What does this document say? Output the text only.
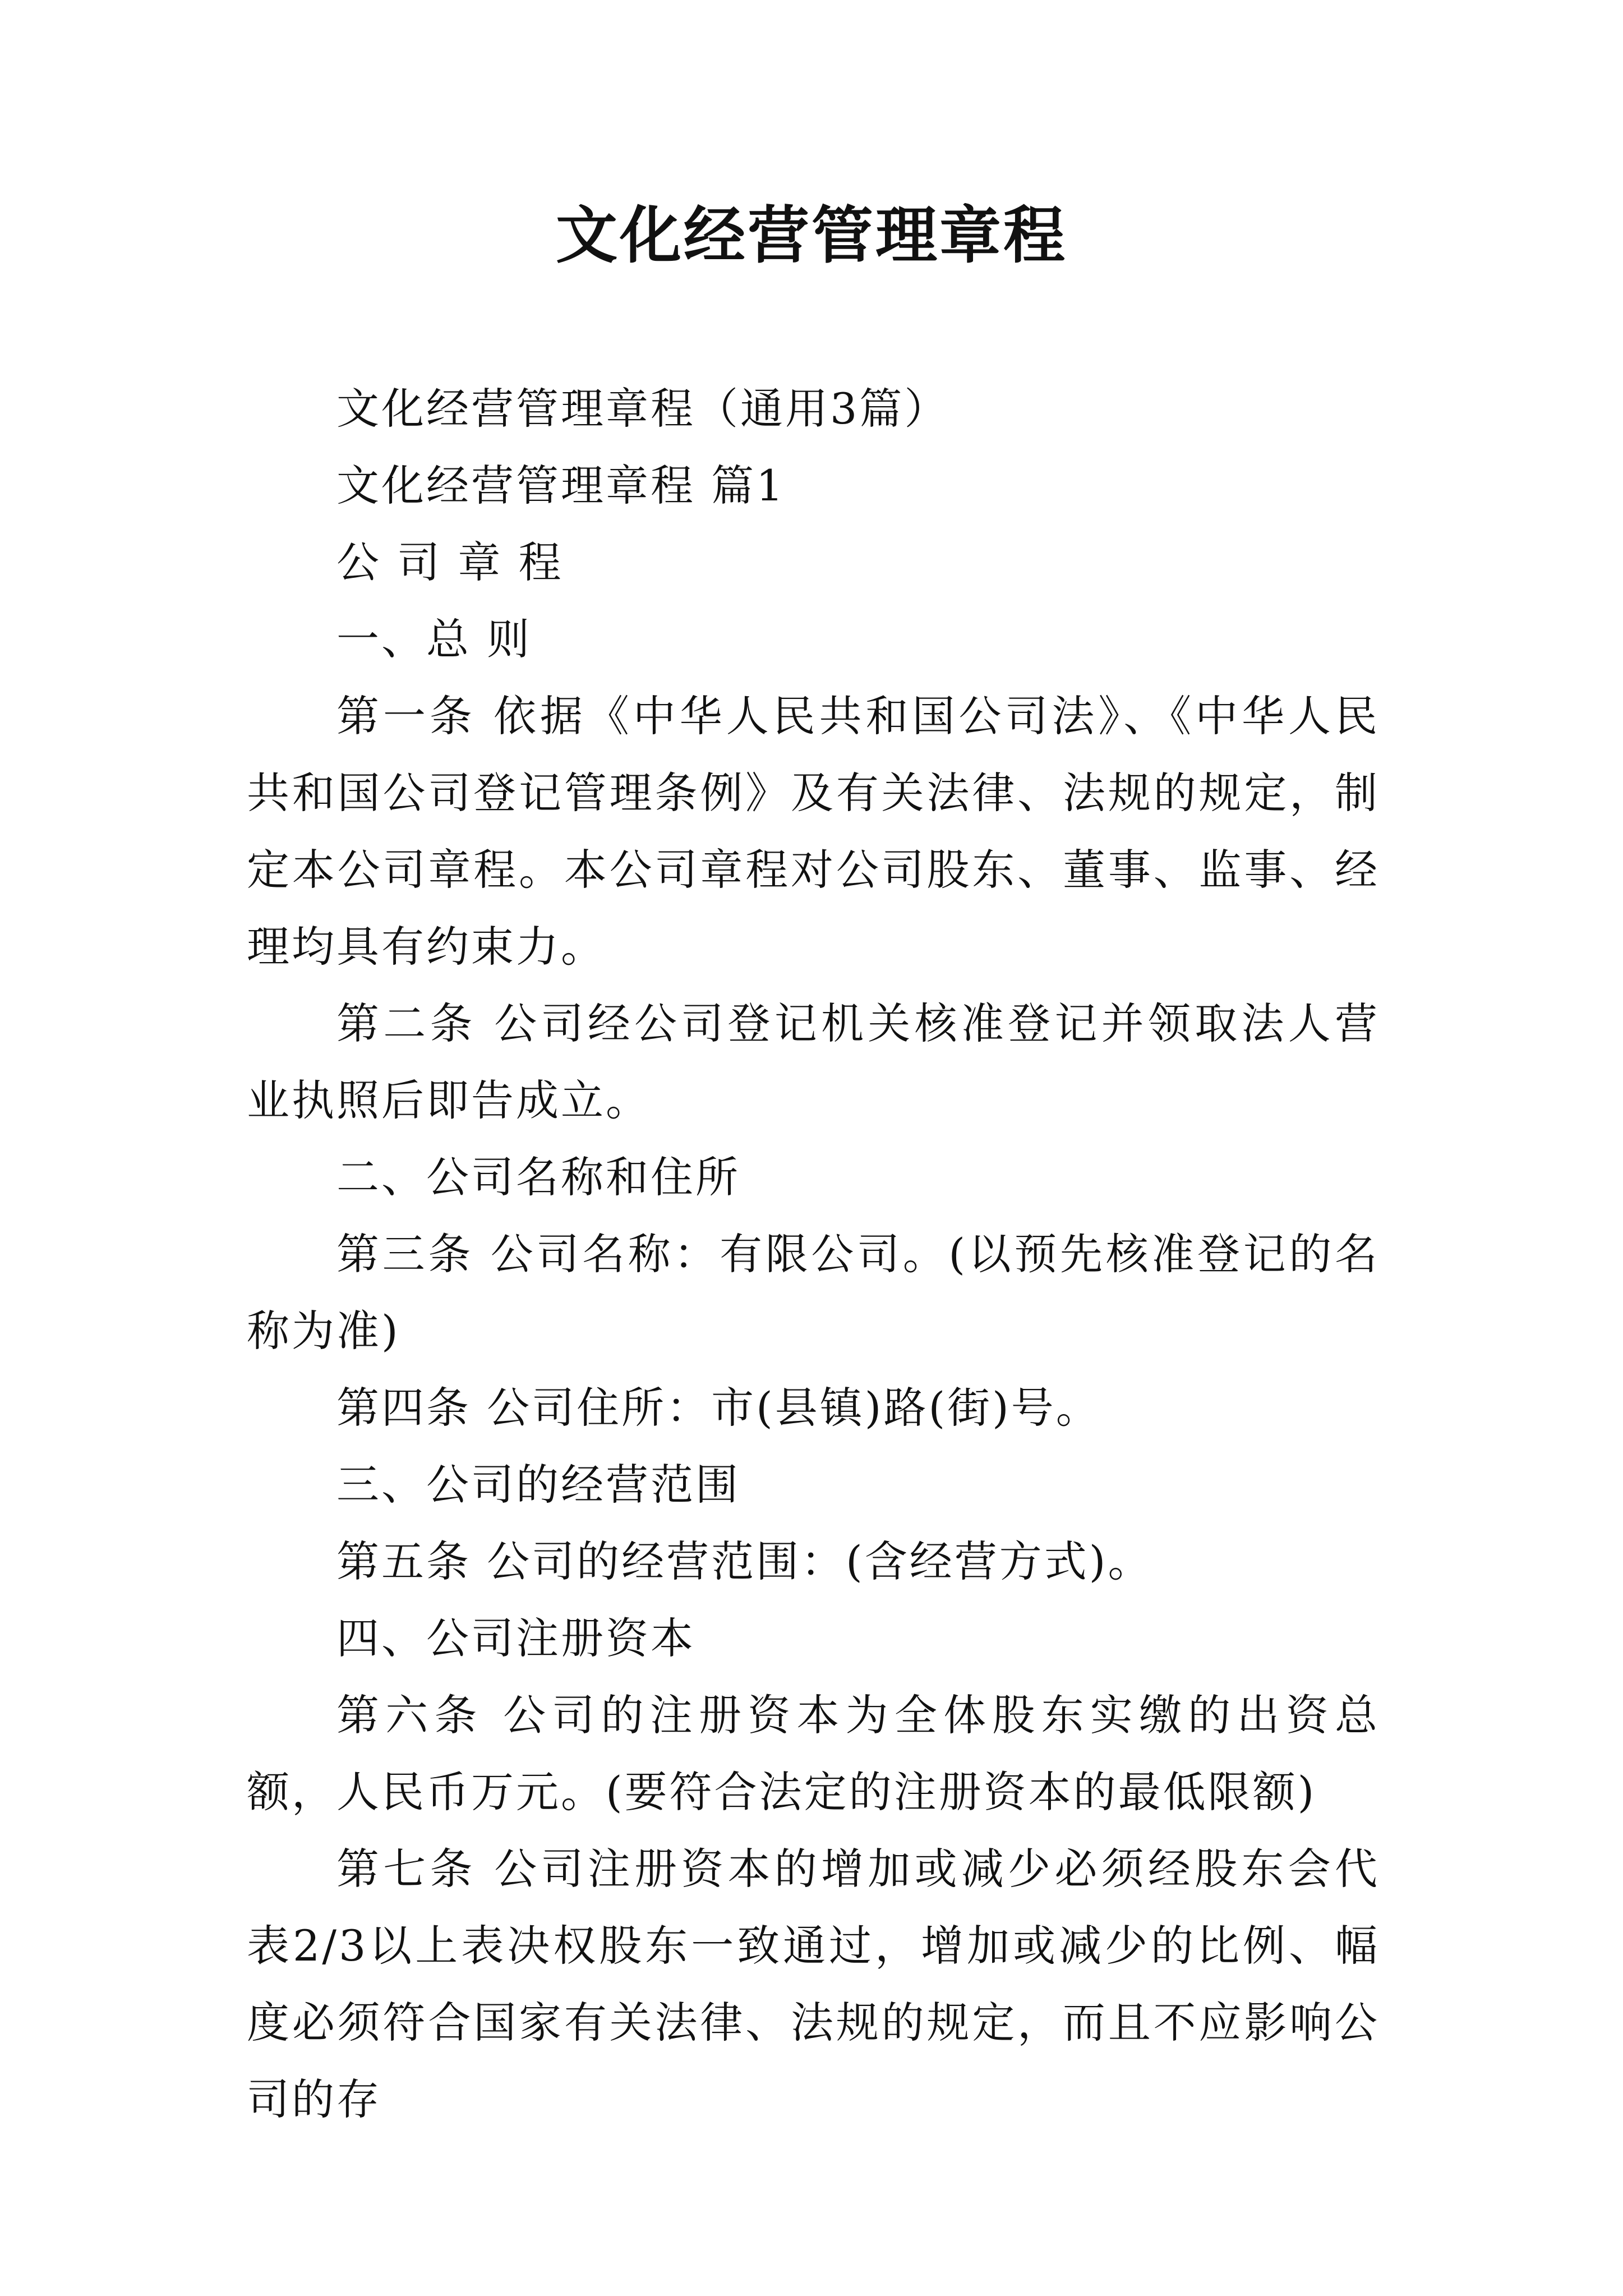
文化经营管理章程

文化经营管理章程（通用3篇）

文化经营管理章程 篇1

公 司 章 程

一、总 则

第一条 依据《中华人民共和国公司法》、《中华人民共和国公司登记管理条例》及有关法律、法规的规定，制定本公司章程。本公司章程对公司股东、董事、监事、经理均具有约束力。

第二条 公司经公司登记机关核准登记并领取法人营业执照后即告成立。

二、公司名称和住所

第三条 公司名称：有限公司。(以预先核准登记的名称为准)

第四条 公司住所：市(县镇)路(街)号。

三、公司的经营范围

第五条 公司的经营范围：(含经营方式)。

四、公司注册资本

第六条 公司的注册资本为全体股东实缴的出资总额，人民币万元。(要符合法定的注册资本的最低限额)

第七条 公司注册资本的增加或减少必须经股东会代表2/3以上表决权股东一致通过，增加或减少的比例、幅度必须符合国家有关法律、法规的规定，而且不应影响公司的存
